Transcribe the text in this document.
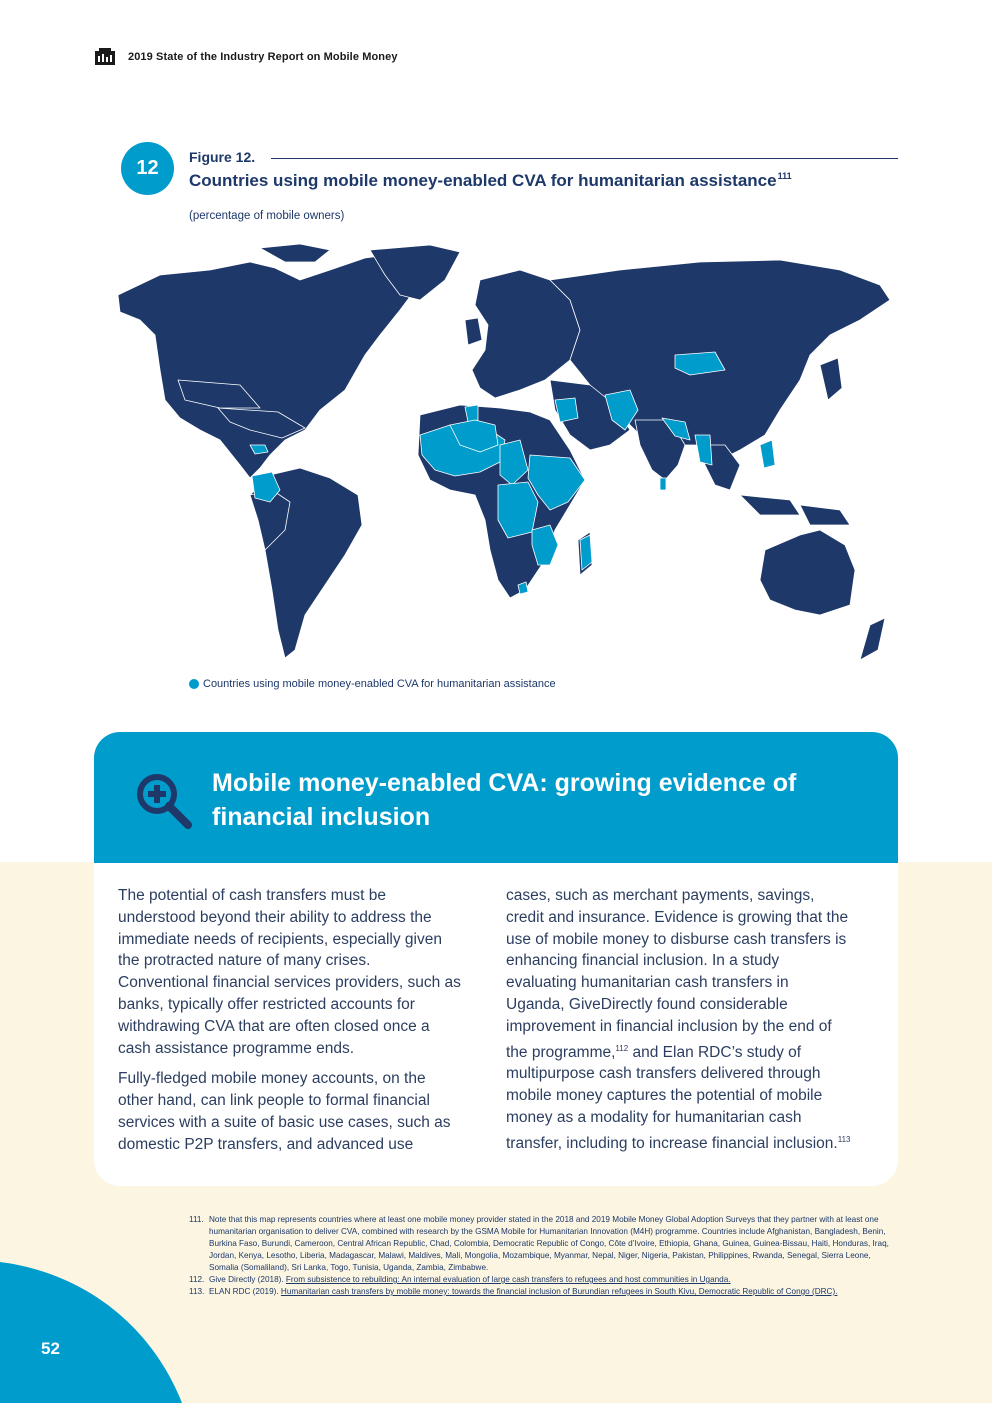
2019 State of the Industry Report on Mobile Money
12	Figure 12.
Countries using mobile money-enabled CVA for humanitarian assistance$^{111}$
(percentage of mobile owners)
Countries using mobile money-enabled CVA for humanitarian assistance
Mobile money-enabled CVA: growing evidence of financial inclusion

The potential of cash transfers must be understood beyond their ability to address the immediate needs of recipients, especially given the protracted nature of many crises. Conventional financial services providers, such as banks, typically offer restricted accounts for withdrawing CVA that are often closed once a cash assistance programme ends.

Fully-fledged mobile money accounts, on the other hand, can link people to formal financial services with a suite of basic use cases, such as domestic P2P transfers, and advanced use

cases, such as merchant payments, savings, credit and insurance. Evidence is growing that the use of mobile money to disburse cash transfers is enhancing financial inclusion. In a study evaluating humanitarian cash transfers in Uganda, GiveDirectly found considerable improvement in financial inclusion by the end of the programme,$^{112}$ and Elan RDC’s study of multipurpose cash transfers delivered through mobile money captures the potential of mobile money as a modality for humanitarian cash transfer, including to increase financial inclusion.$^{113}$

111. Note that this map represents countries where at least one mobile money provider stated in the 2018 and 2019 Mobile Money Global Adoption Surveys that they partner with at least one humanitarian organisation to deliver CVA, combined with research by the GSMA Mobile for Humanitarian Innovation (M4H) programme. Countries include Afghanistan, Bangladesh, Benin, Burkina Faso, Burundi, Cameroon, Central African Republic, Chad, Colombia, Democratic Republic of Congo, Côte d’Ivoire, Ethiopia, Ghana, Guinea, Guinea-Bissau, Haiti, Honduras, Iraq, Jordan, Kenya, Lesotho, Liberia, Madagascar, Malawi, Maldives, Mali, Mongolia, Mozambique, Myanmar, Nepal, Niger, Nigeria, Pakistan, Philippines, Rwanda, Senegal, Sierra Leone, Somalia (Somaliland), Sri Lanka, Togo, Tunisia, Uganda, Zambia, Zimbabwe.
112. Give Directly (2018). From subsistence to rebuilding: An internal evaluation of large cash transfers to refugees and host communities in Uganda.
113. ELAN RDC (2019). Humanitarian cash transfers by mobile money: towards the financial inclusion of Burundian refugees in South Kivu, Democratic Republic of Congo (DRC).
52
